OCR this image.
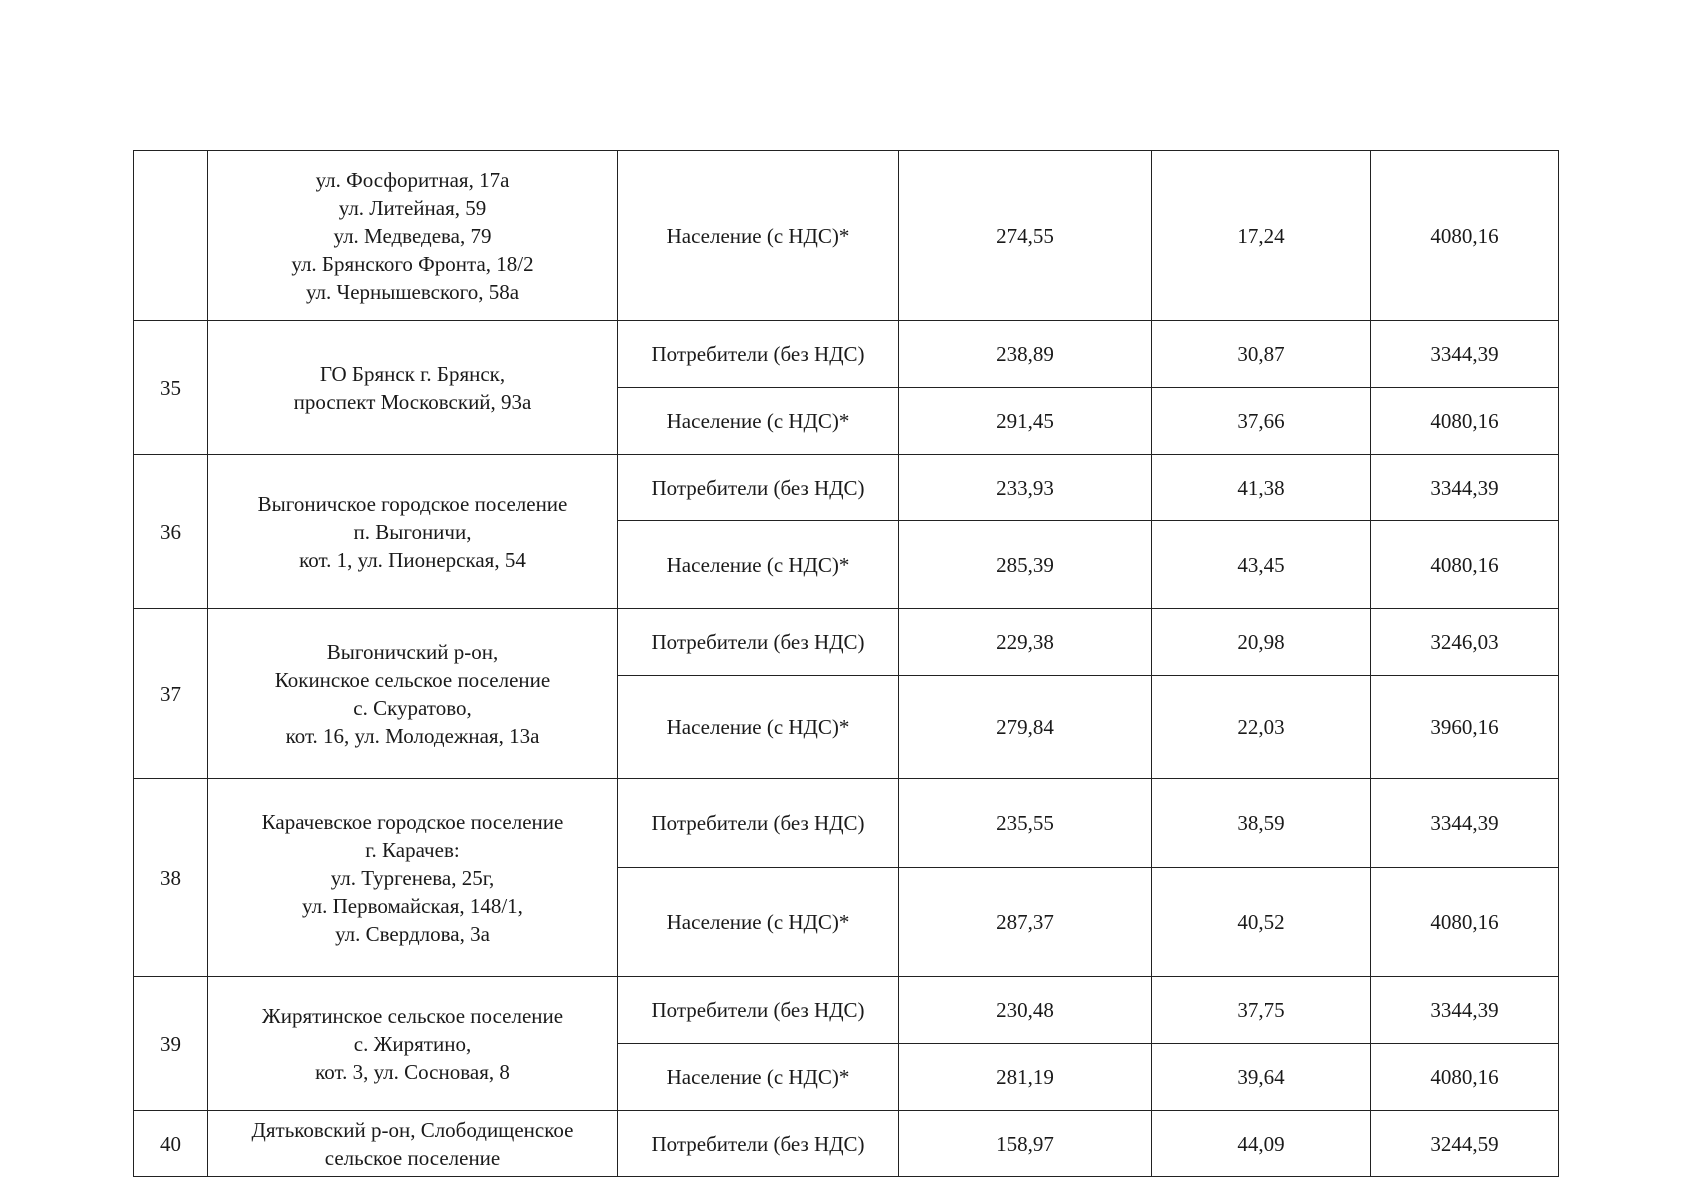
	ул. Фосфоритная, 17а
ул. Литейная, 59
ул. Медведева, 79
ул. Брянского Фронта, 18/2
ул. Чернышевского, 58а	Население (с НДС)*	274,55	17,24	4080,16
35	ГО Брянск г. Брянск,
проспект Московский, 93а	Потребители (без НДС)	238,89	30,87	3344,39
		Население (с НДС)*	291,45	37,66	4080,16
36	Выгоничское городское поселение
п. Выгоничи,
кот. 1, ул. Пионерская, 54	Потребители (без НДС)	233,93	41,38	3344,39
		Население (с НДС)*	285,39	43,45	4080,16
37	Выгоничский р-он,
Кокинское сельское поселение
с. Скуратово,
кот. 16, ул. Молодежная, 13а	Потребители (без НДС)	229,38	20,98	3246,03
		Население (с НДС)*	279,84	22,03	3960,16
38	Карачевское городское поселение
г. Карачев:
ул. Тургенева, 25г,
ул. Первомайская, 148/1,
ул. Свердлова, 3а	Потребители (без НДС)	235,55	38,59	3344,39
		Население (с НДС)*	287,37	40,52	4080,16
39	Жирятинское сельское поселение
с. Жирятино,
кот. 3, ул. Сосновая, 8	Потребители (без НДС)	230,48	37,75	3344,39
		Население (с НДС)*	281,19	39,64	4080,16
40	Дятьковский р-он, Слободищенское
сельское поселение	Потребители (без НДС)	158,97	44,09	3244,59
